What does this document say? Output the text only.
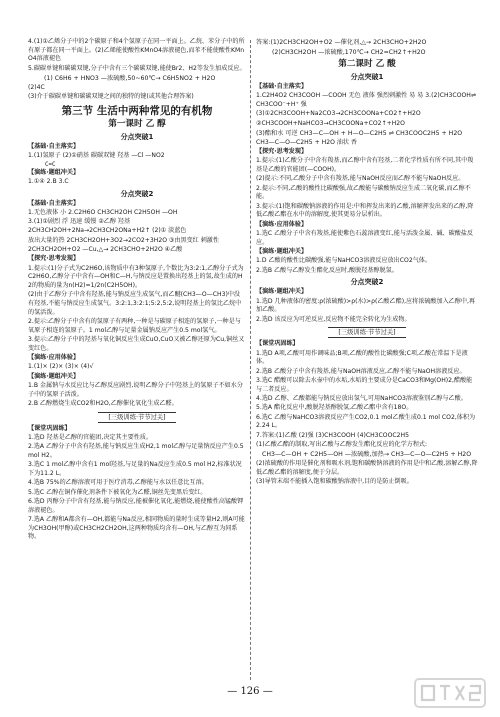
4.(1)①乙烯分子中的2个碳原子和4个氢原子在同一平面上。乙烷、苯分子中的所有原子都在同一平面上。(2)乙烯能使酸性KMnO4溶液褪色,而苯不能使酸性KMnO4溶液褪色
5.碳碳单键和碳碳双键,分子中含有三个碳碳双键,能使Br2、H2等发生加成反应。
(1) C6H6 + HNO3 —浓硫酸,50~60℃→ C6H5NO2 + H2O
(2)4C
(3)介于碳碳单键和碳碳双键之间的独特的键(或其他合理答案)
第三节 生活中两种常见的有机物
第一课时 乙 醇
分点突破1
【基础·自主落实】
1.(1)氢原子 (2)①硝基 碳碳双键 羟基 —Cl —NO2
C=C
【演练·题组冲关】
1.①④ 2.B 3.C
分点突破2
【基础·自主落实】
1.无色液体 小 2.C2H6O CH3CH2OH C2H5OH —OH
3.(1)①剧烈 浮 迅速 缓慢 ②乙醇 羟基
2CH3CH2OH+2Na→2CH3CH2ONa+H2↑ (2)① 淡蓝色
放出大量的热 2CH3CH2OH+3O2→2CO2+3H2O ③由黑变红 刺激性
2CH3CH2OH+O2 —Cu,△→ 2CH3CHO+2H2O ④乙酸
【探究·思考发现】
1.提示:(1)分子式为C2H6O,该物质中有3种氢原子,个数比为3:2:1,乙醇分子式为C2H6O,乙醇分子中含有—OH和C—H,与钠反应是置换出羟基上的氢,故生成的H2的物质的量为n(H2)=1/2n(C2H5OH)。
(2)由于乙醇分子中含有羟基,能与钠反应生成氢气,而乙醚(CH3—O—CH3)中没有羟基,不能与钠反应生成氢气。3:2:1,3:2:1;5:2,5:2,说明羟基上的氢比乙烷中的氢活泼。
2.提示:乙醇分子中含有的氢原子有两种,一种是与碳原子相连的氢原子,一种是与氧原子相连的氢原子。1 mol乙醇与足量金属钠反应产生0.5 mol氢气。
3.提示:乙醇分子中的羟基与氧化铜反应生成CuO,CuO又被乙醇还原为Cu,铜丝又变红色。
【演练·应用体验】
1.(1)× (2)× (3)× (4)√
【演练·题组冲关】
1.B 金属钠与水反应比与乙醇反应剧烈,说明乙醇分子中羟基上的氢原子不如水分子中的氢原子活泼。
2.B 乙醇燃烧生成CO2和H2O,乙醇催化氧化生成乙醛。
[三级训练·节节过关]
【课堂巩固练】
1.选D 羟基是乙醇的官能团,决定其主要性质。
2.选A 乙醇分子中含有羟基,能与钠反应生成H2,1 mol乙醇与足量钠反应产生0.5 mol H2。
3.选C 1 mol乙醇中含有1 mol羟基,与足量的Na反应生成0.5 mol H2,标准状况下为11.2 L。
4.选B 75%的乙醇溶液可用于医疗消毒,乙醇能与水以任意比互溶。
5.选C 乙醇在铜作催化剂条件下被氧化为乙醛,铜丝先变黑后变红。
6.选D 丙醇分子中含有羟基,能与钠反应,能被催化氧化,能燃烧,能使酸性高锰酸钾溶液褪色。
7.选A 乙醇和A都含有—OH,都能与Na反应,相同物质的量时生成等量H2,则A可能为CH3OH(甲醇)或CH3CH2CH2OH,这两种物质均含有—OH,与乙醇互为同系物。
答案:(1)2CH3CH2OH+O2 —催化剂,△→ 2CH3CHO+2H2O
(2)CH3CH2OH —浓硫酸,170℃→ CH2=CH2↑+H2O
第二课时 乙 酸
分点突破1
【基础·自主落实】
1.C2H4O2 CH3COOH —COOH 无色 液体 强烈刺激性 易 易 3.(2)CH3COOH⇌CH3COO⁻+H⁺ 强
(3)①2CH3COOH+Na2CO3→2CH3COONa+CO2↑+H2O
②CH3COOH+NaHCO3→CH3COONa+CO2↑+H2O
(3)酯和水 可逆 CH3—C—OH + H—O—C2H5 ⇌ CH3COOC2H5 + H2O
CH3—C—O—C2H5 + H2O 油状 香
【探究·思考发现】
1.提示:(1)乙酸分子中含有羧基,而乙醇中含有羟基,二者化学性质有所不同,其中羧基是乙酸的官能团(—COOH)。
(2)提示:不同,乙酸分子中含有羧基,能与NaOH反应而乙醇不能与NaOH反应。
2.提示:不同,乙酸的酸性比碳酸强,故乙酸能与碳酸钠反应生成二氧化碳,而乙醇不能。
3.提示:(1)饱和碳酸钠溶液的作用是:中和挥发出来的乙酸,溶解挥发出来的乙醇,降低乙酸乙酯在水中的溶解度,使其更易分层析出。
【演练·应用体验】
1.选C 乙酸分子中含有羧基,能使紫色石蕊溶液变红,能与活泼金属、碱、碳酸盐反应。
【演练·题组冲关】
1.D 乙酸的酸性比碳酸强,能与NaHCO3溶液反应放出CO2气体。
2.选B 乙酸与乙醇发生酯化反应时,酸脱羟基醇脱氢。
分点突破2
【演练·题组冲关】
1.选D 几种液体的密度:ρ(浓硫酸)>ρ(水)>ρ(乙酸乙酯),应将浓硫酸加入乙醇中,再加乙酸。
2.选D 该反应为可逆反应,反应物不能完全转化为生成物。
[三级训练·节节过关]
【课堂巩固练】
1.选D A项,乙酸可用作调味品;B项,乙酸的酸性比碳酸强;C项,乙酸在常温下是液体。
2.选B 乙酸分子中含有羧基,能与NaOH溶液反应,乙醇不能与NaOH溶液反应。
3.选C 醋酸可以除去水壶中的水垢,水垢的主要成分是CaCO3和Mg(OH)2,醋酸能与二者反应。
4.选D 乙醇、乙酸都能与钠反应放出氢气,可用NaHCO3溶液鉴别乙醇与乙酸。
5.选A 酯化反应中,酸脱羟基醇脱氢,乙酸乙酯中含有18O。
6.选C 乙酸与NaHCO3溶液反应产生CO2,0.1 mol乙酸生成0.1 mol CO2,体积为2.24 L。
7.答案:(1)乙酸 (2)强 (3)CH3COOH (4)CH3COOC2H5
(1)乙酸乙酯的制取,写出乙酸与乙醇发生酯化反应的化学方程式:
CH3—C—OH + C2H5—OH —浓硫酸,加热→ CH3—C—O—C2H5 + H2O
(2)浓硫酸的作用是催化剂和吸水剂,饱和碳酸钠溶液的作用是中和乙酸,溶解乙醇,降低乙酸乙酯的溶解度,便于分层。
(3)导管末端不能插入饱和碳酸钠溶液中,目的是防止倒吸。
— 126 —
